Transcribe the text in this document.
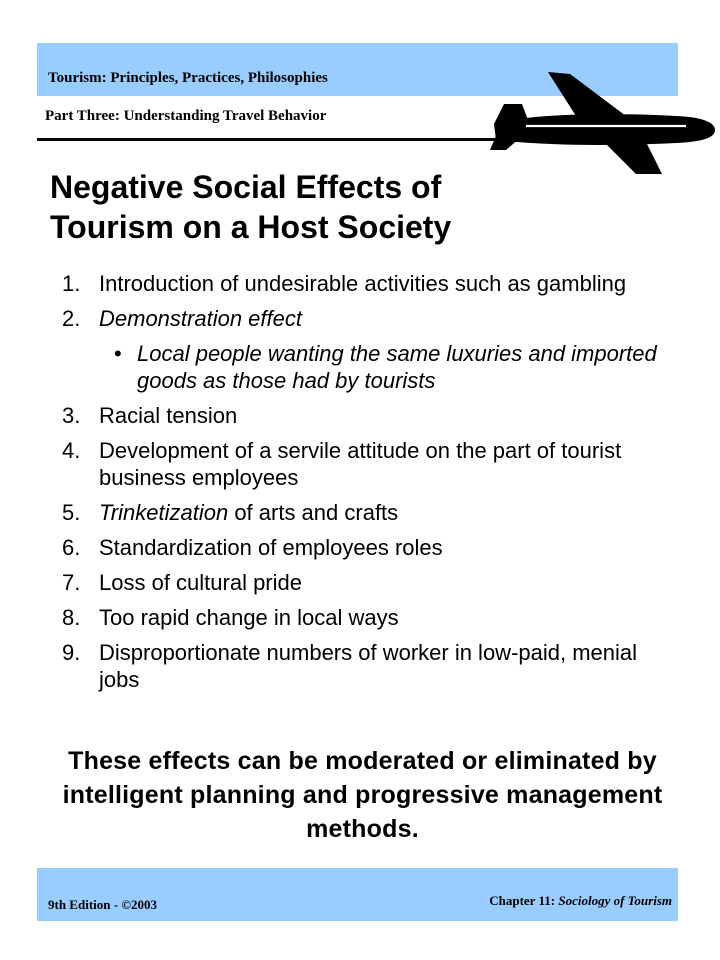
Tourism: Principles, Practices, Philosophies
Part Three: Understanding Travel Behavior
Negative Social Effects of
Tourism on a Host Society
1. Introduction of undesirable activities such as gambling
2. Demonstration effect
• Local people wanting the same luxuries and imported goods as those had by tourists
3. Racial tension
4. Development of a servile attitude on the part of tourist business employees
5. Trinketization of arts and crafts
6. Standardization of employees roles
7. Loss of cultural pride
8. Too rapid change in local ways
9. Disproportionate numbers of worker in low-paid, menial jobs
These effects can be moderated or eliminated by intelligent planning and progressive management methods.
9th Edition - ©2003	Chapter 11: Sociology of Tourism
